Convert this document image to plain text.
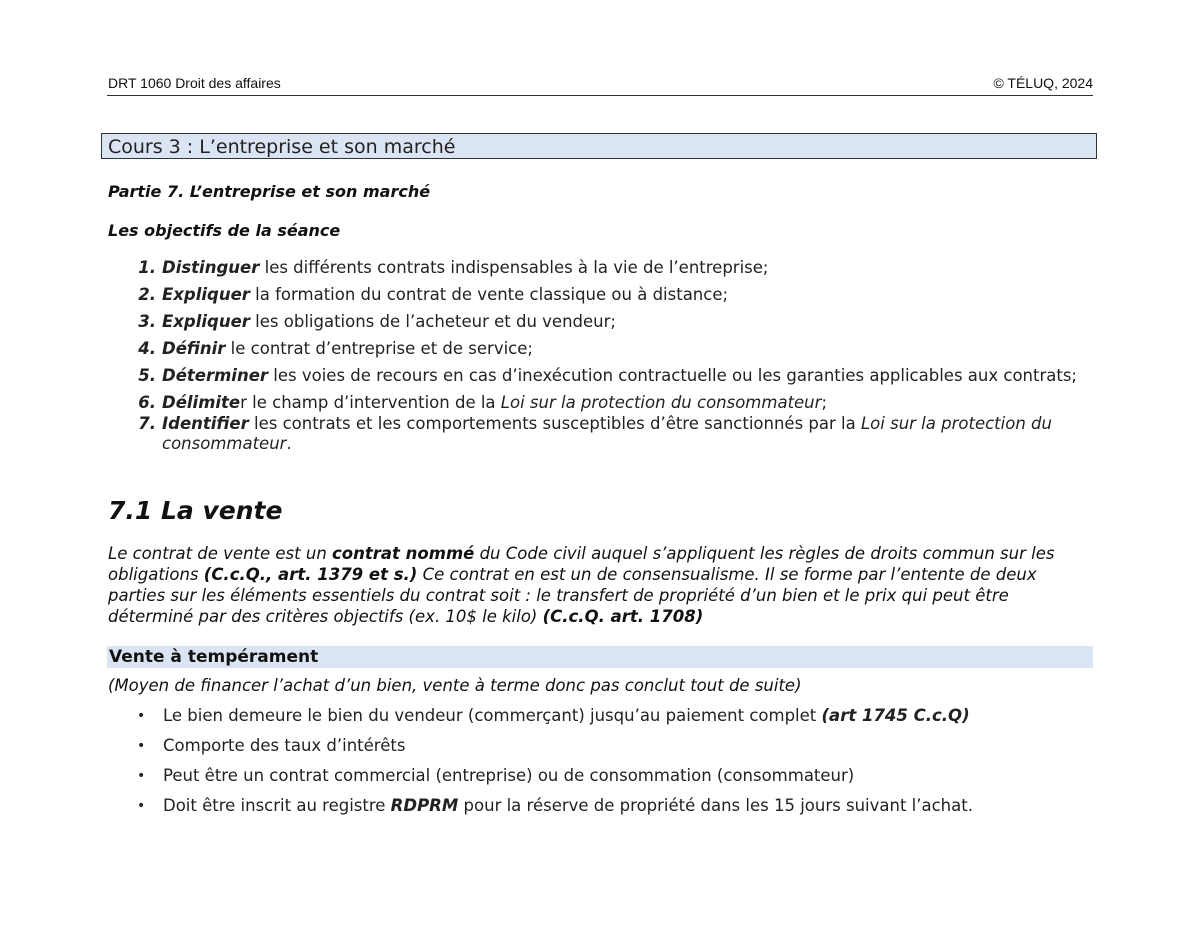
DRT 1060 Droit des affaires	© TÉLUQ, 2024
Cours 3 : L’entreprise et son marché
Partie 7. L’entreprise et son marché
Les objectifs de la séance
1. Distinguer les différents contrats indispensables à la vie de l’entreprise;
2. Expliquer la formation du contrat de vente classique ou à distance;
3. Expliquer les obligations de l’acheteur et du vendeur;
4. Définir le contrat d’entreprise et de service;
5. Déterminer les voies de recours en cas d’inexécution contractuelle ou les garanties applicables aux contrats;
6. Délimiter le champ d’intervention de la Loi sur la protection du consommateur;
7. Identifier les contrats et les comportements susceptibles d’être sanctionnés par la Loi sur la protection du consommateur.
7.1 La vente
Le contrat de vente est un contrat nommé du Code civil auquel s’appliquent les règles de droits commun sur les obligations (C.c.Q., art. 1379 et s.) Ce contrat en est un de consensualisme. Il se forme par l’entente de deux parties sur les éléments essentiels du contrat soit : le transfert de propriété d’un bien et le prix qui peut être déterminé par des critères objectifs (ex. 10$ le kilo) (C.c.Q. art. 1708)
Vente à tempérament
(Moyen de financer l’achat d’un bien, vente à terme donc pas conclut tout de suite)
• Le bien demeure le bien du vendeur (commerçant) jusqu’au paiement complet (art 1745 C.c.Q)
• Comporte des taux d’intérêts
• Peut être un contrat commercial (entreprise) ou de consommation (consommateur)
• Doit être inscrit au registre RDPRM pour la réserve de propriété dans les 15 jours suivant l’achat.
